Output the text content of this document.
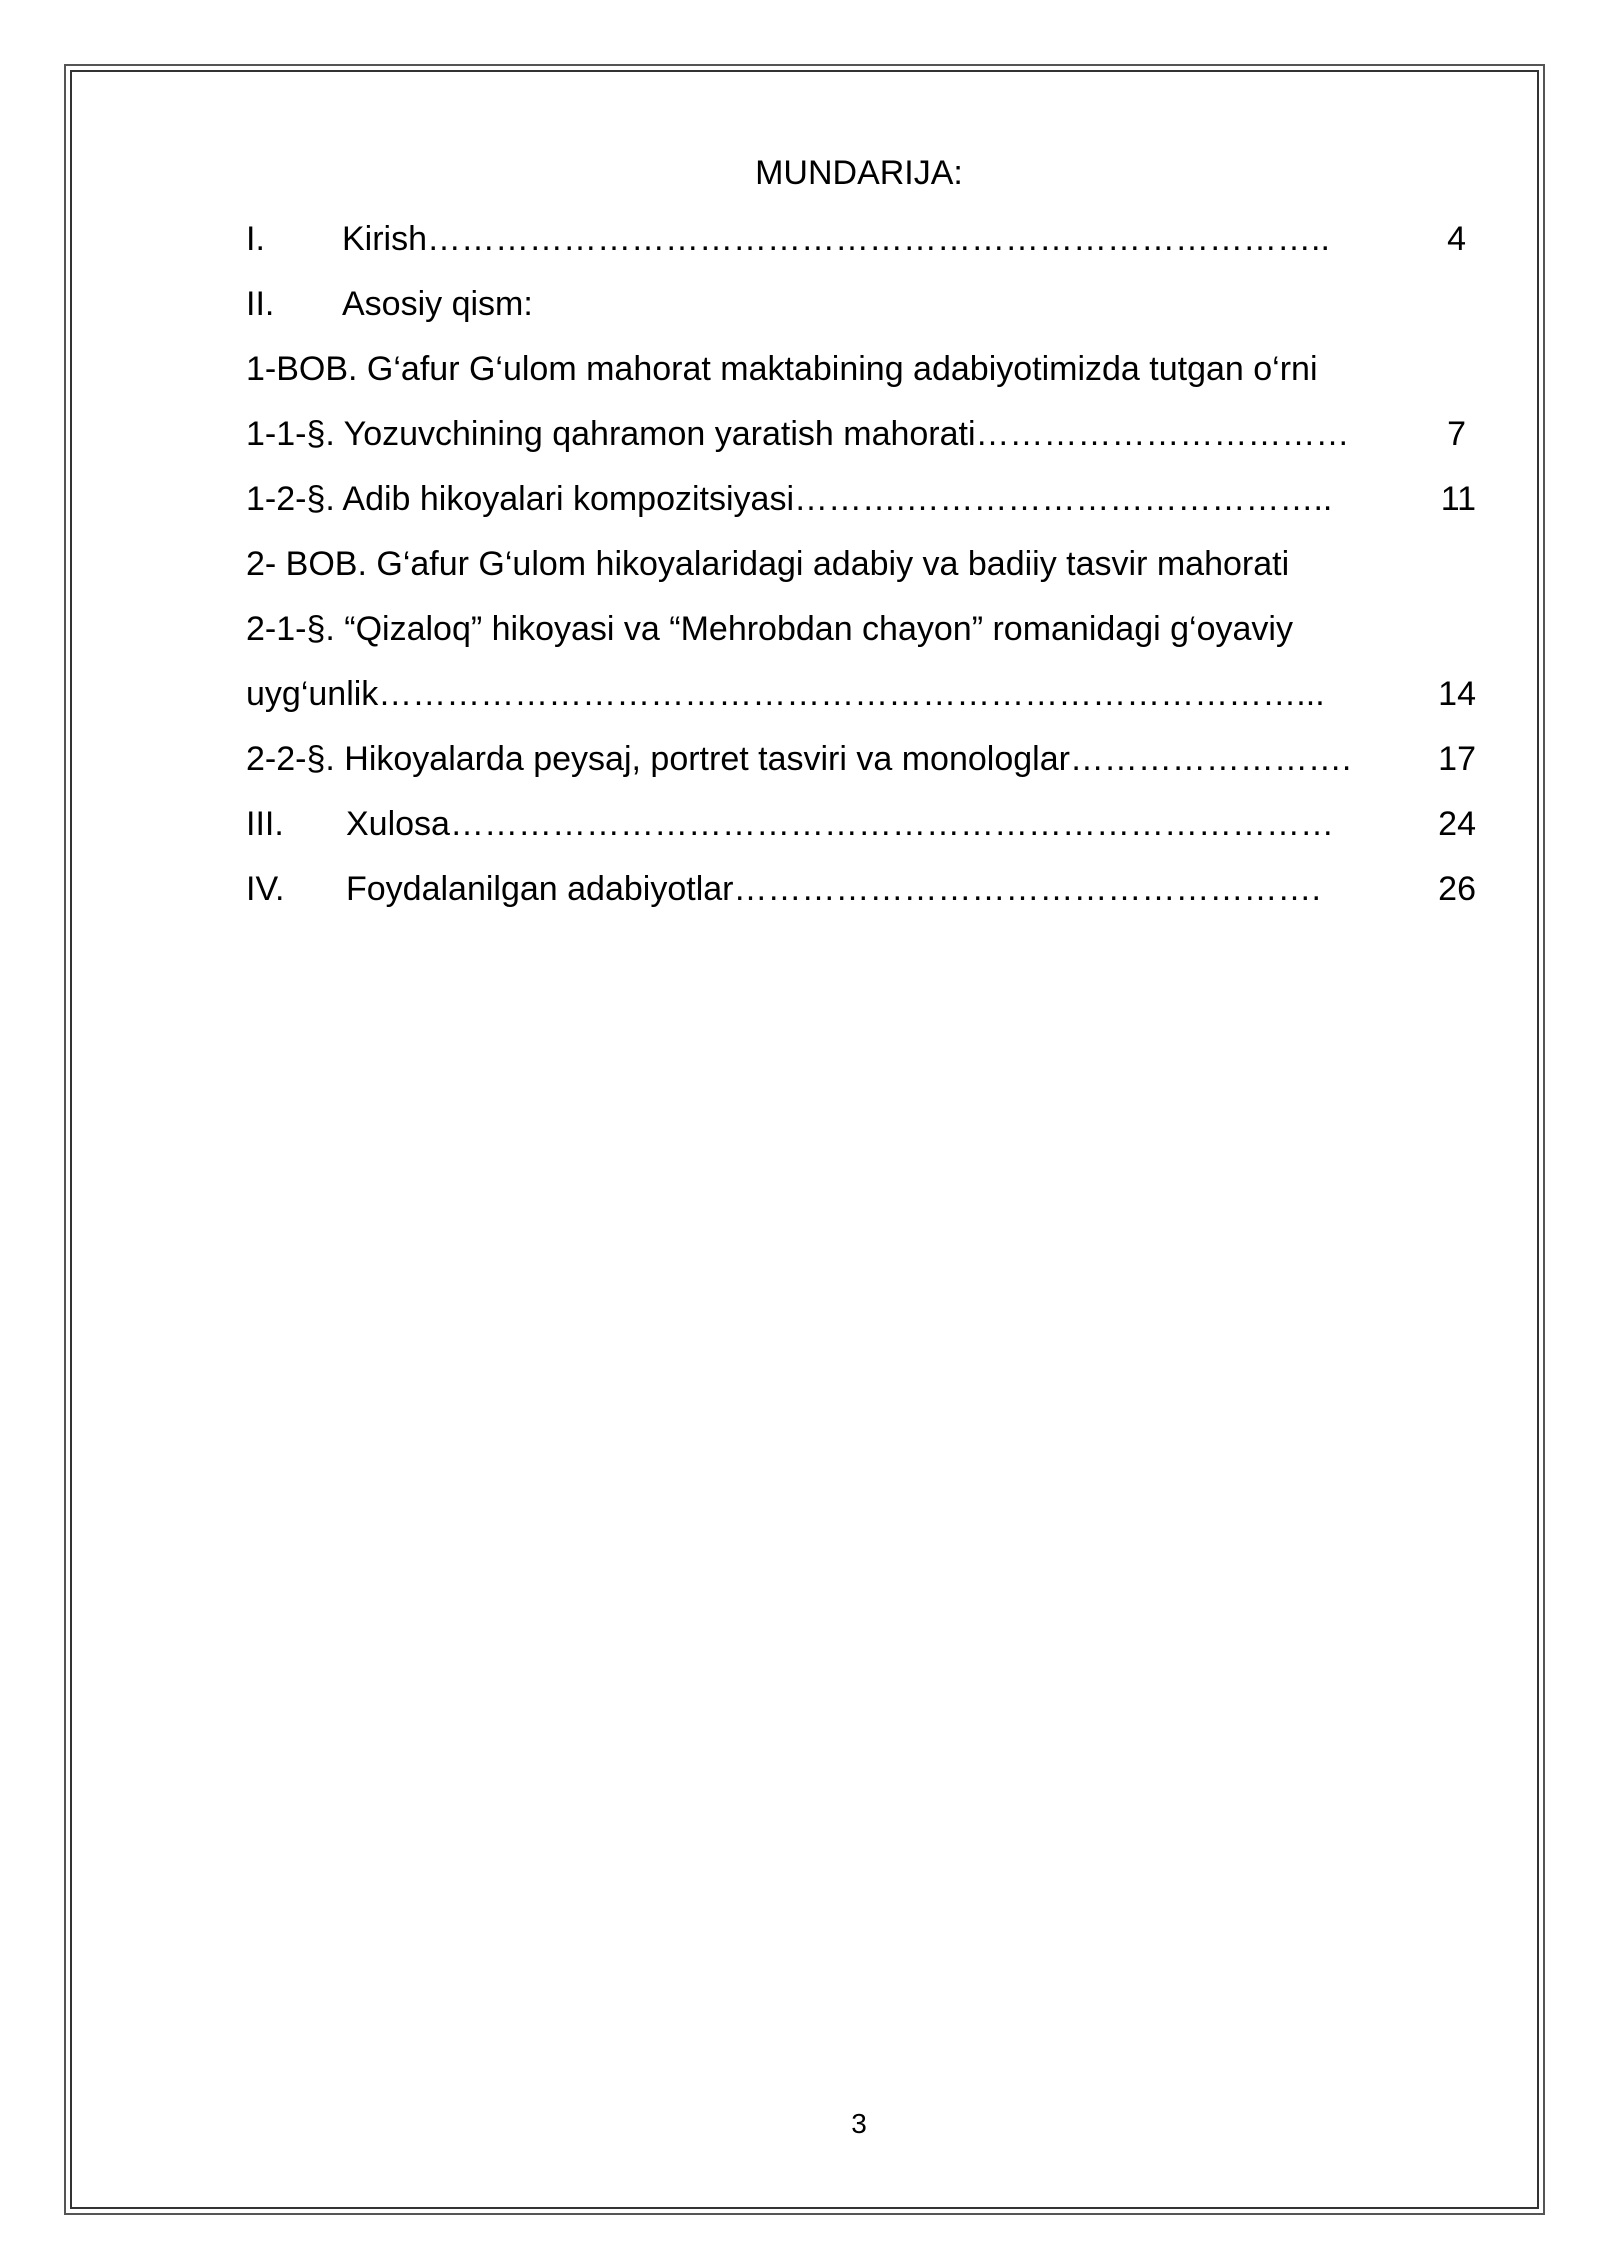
MUNDARIJA:
I. Kirish……………………………………………………………………..	4
II. Asosiy qism:
1-BOB. G‘afur G‘ulom mahorat maktabining adabiyotimizda tutgan o‘rni
1-1-§. Yozuvchining qahramon yaratish mahorati……………………………	7
1-2-§. Adib hikoyalari kompozitsiyasi……….………………………………..	11
2- BOB. G‘afur G‘ulom hikoyalaridagi adabiy va badiiy tasvir mahorati
2-1-§. “Qizaloq” hikoyasi va “Mehrobdan chayon” romanidagi g‘oyaviy
uyg‘unlik………………………………………………………………………...	14
2-2-§. Hikoyalarda peysaj, portret tasviri va monologlar…………………….	17
III. Xulosa……………………………………………………………………	24
IV. Foydalanilgan adabiyotlar…………………………………………….	26
3
